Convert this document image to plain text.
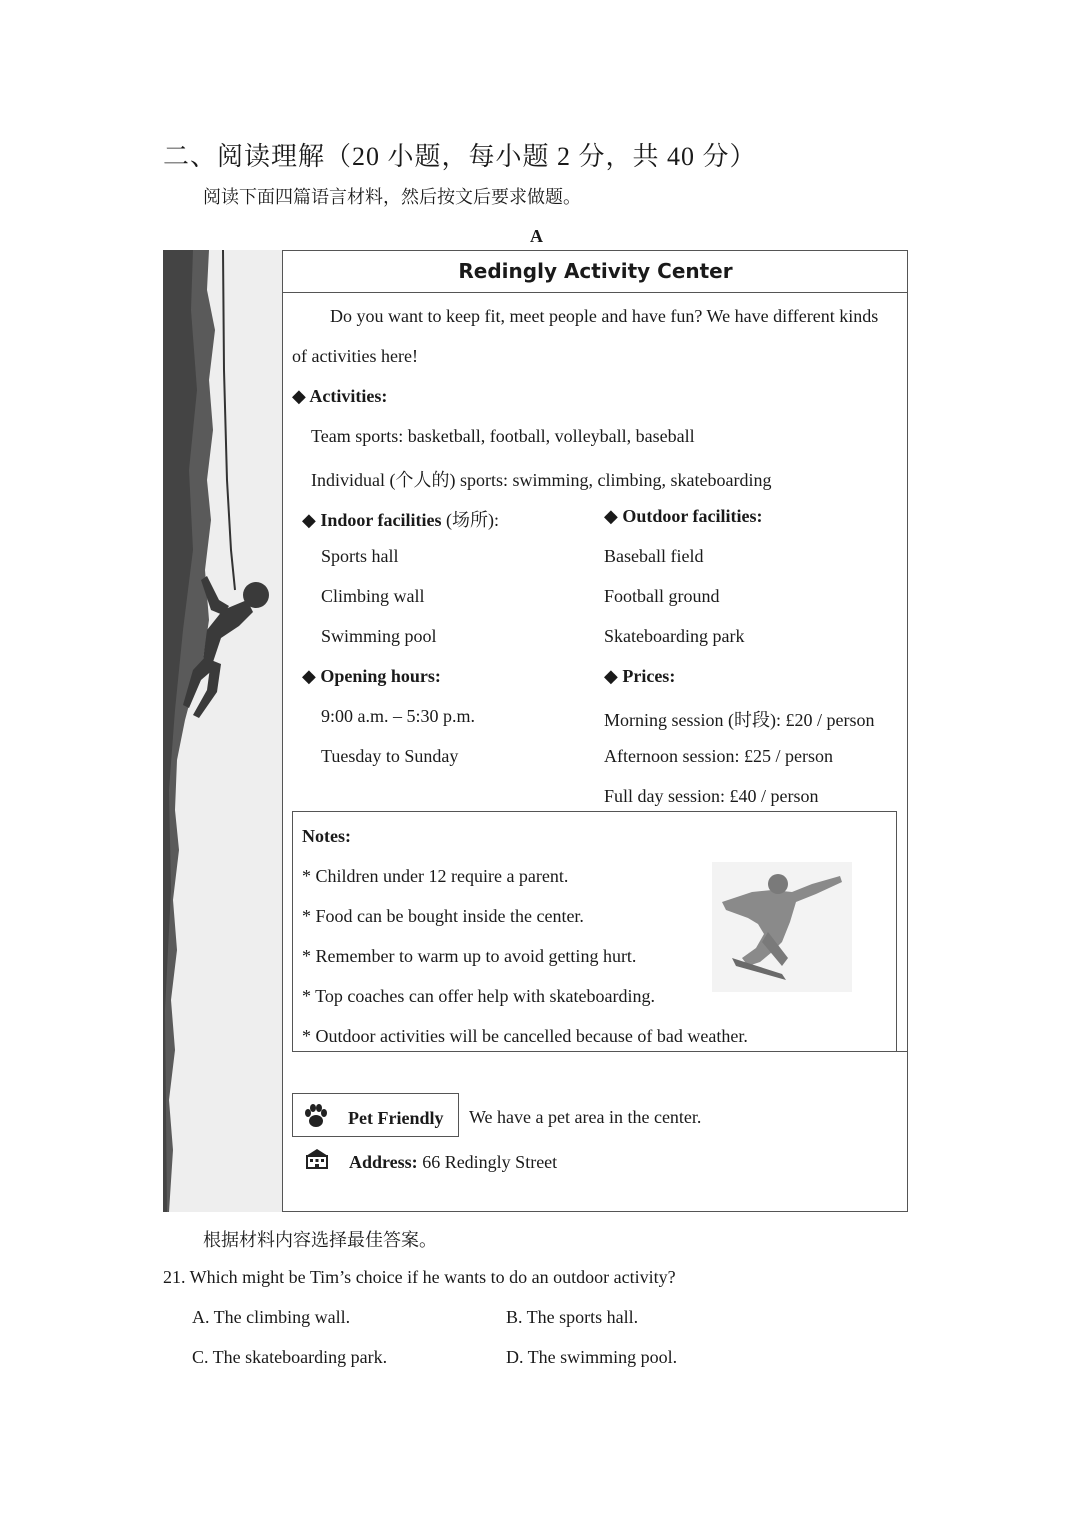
二、阅读理解（20 小题，每小题 2 分，共 40 分）
阅读下面四篇语言材料，然后按文后要求做题。
A
Redingly Activity Center
Do you want to keep fit, meet people and have fun? We have different kinds
of activities here!
◆ Activities:
Team sports: basketball, football, volleyball, baseball
Individual (个人的) sports: swimming, climbing, skateboarding
◆ Indoor facilities (场所):
Sports hall
Climbing wall
Swimming pool
◆ Outdoor facilities:
Baseball field
Football ground
Skateboarding park
◆ Opening hours:
9:00 a.m. – 5:30 p.m.
Tuesday to Sunday
◆ Prices:
Morning session (时段): £20 / person
Afternoon session: £25 / person
Full day session: £40 / person
Notes:
* Children under 12 require a parent.
* Food can be bought inside the center.
* Remember to warm up to avoid getting hurt.
* Top coaches can offer help with skateboarding.
* Outdoor activities will be cancelled because of bad weather.
Pet Friendly We have a pet area in the center.
Address: 66 Redingly Street
根据材料内容选择最佳答案。
21. Which might be Tim’s choice if he wants to do an outdoor activity?
A. The climbing wall.	B. The sports hall.
C. The skateboarding park.	D. The swimming pool.
